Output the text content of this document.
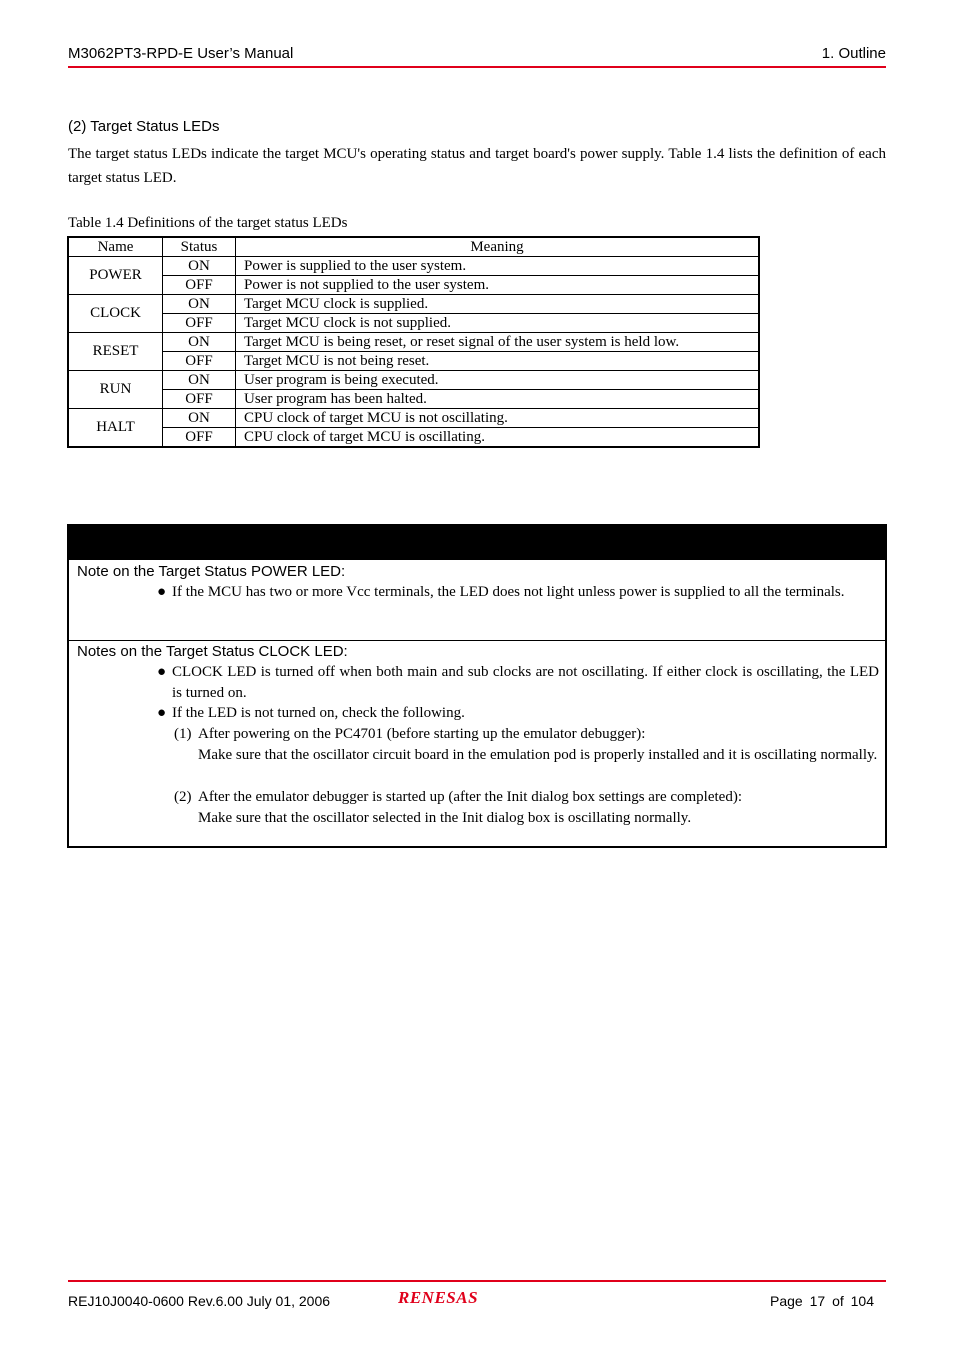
M3062PT3-RPD-E User’s Manual	1. Outline
(2) Target Status LEDs
The target status LEDs indicate the target MCU's operating status and target board's power supply. Table 1.4 lists the definition of each target status LED.
Table 1.4 Definitions of the target status LEDs
Name	Status	Meaning
POWER	ON	Power is supplied to the user system.
	OFF	Power is not supplied to the user system.
CLOCK	ON	Target MCU clock is supplied.
	OFF	Target MCU clock is not supplied.
RESET	ON	Target MCU is being reset, or reset signal of the user system is held low.
	OFF	Target MCU is not being reset.
RUN	ON	User program is being executed.
	OFF	User program has been halted.
HALT	ON	CPU clock of target MCU is not oscillating.
	OFF	CPU clock of target MCU is oscillating.
Note on the Target Status POWER LED:
● If the MCU has two or more Vcc terminals, the LED does not light unless power is supplied to all the terminals.
Notes on the Target Status CLOCK LED:
● CLOCK LED is turned off when both main and sub clocks are not oscillating. If either clock is oscillating, the LED is turned on.
● If the LED is not turned on, check the following.
(1) After powering on the PC4701 (before starting up the emulator debugger):
Make sure that the oscillator circuit board in the emulation pod is properly installed and it is oscillating normally.
(2) After the emulator debugger is started up (after the Init dialog box settings are completed):
Make sure that the oscillator selected in the Init dialog box is oscillating normally.
REJ10J0040-0600 Rev.6.00 July 01, 2006	RENESAS	Page 17 of 104
